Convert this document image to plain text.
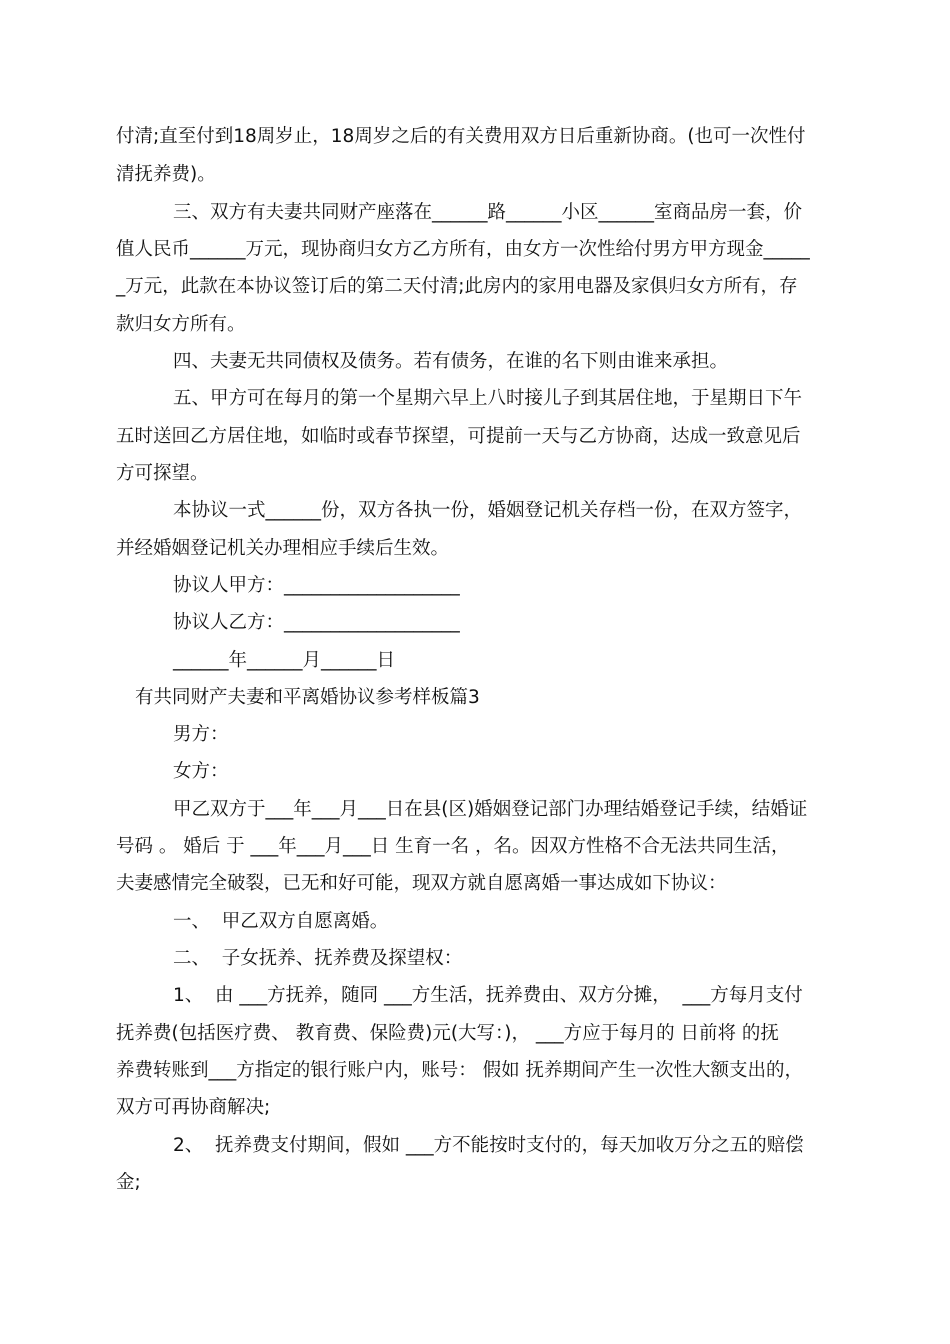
付清;直至付到18周岁止，18周岁之后的有关费用双方日后重新协商。(也可一次性付

清抚养费)。

三、双方有夫妻共同财产座落在______路______小区______室商品房一套，价

值人民币______万元，现协商归女方乙方所有，由女方一次性给付男方甲方现金_____

_万元，此款在本协议签订后的第二天付清;此房内的家用电器及家俱归女方所有，存

款归女方所有。

四、夫妻无共同债权及债务。若有债务，在谁的名下则由谁来承担。

五、甲方可在每月的第一个星期六早上八时接儿子到其居住地，于星期日下午

五时送回乙方居住地，如临时或春节探望，可提前一天与乙方协商，达成一致意见后

方可探望。

本协议一式______份，双方各执一份，婚姻登记机关存档一份，在双方签字，

并经婚姻登记机关办理相应手续后生效。

协议人甲方：___________________

协议人乙方：___________________

______年______月______日

有共同财产夫妻和平离婚协议参考样板篇3

男方：

女方：

甲乙双方于___年___月___日在县(区)婚姻登记部门办理结婚登记手续，结婚证

号码 。 婚后 于 ___年___月___日 生育一名 ，名。因双方性格不合无法共同生活，

夫妻感情完全破裂，已无和好可能，现双方就自愿离婚一事达成如下协议：

一、  甲乙双方自愿离婚。

二、  子女抚养、抚养费及探望权：

1、  由 ___方抚养，随同 ___方生活，抚养费由、双方分摊，  ___方每月支付

抚养费(包括医疗费、 教育费、保险费)元(大写：)， ___方应于每月的 日前将 的抚

养费转账到___方指定的银行账户内，账号： 假如 抚养期间产生一次性大额支出的，

双方可再协商解决;

2、  抚养费支付期间，假如 ___方不能按时支付的，每天加收万分之五的赔偿

金;
